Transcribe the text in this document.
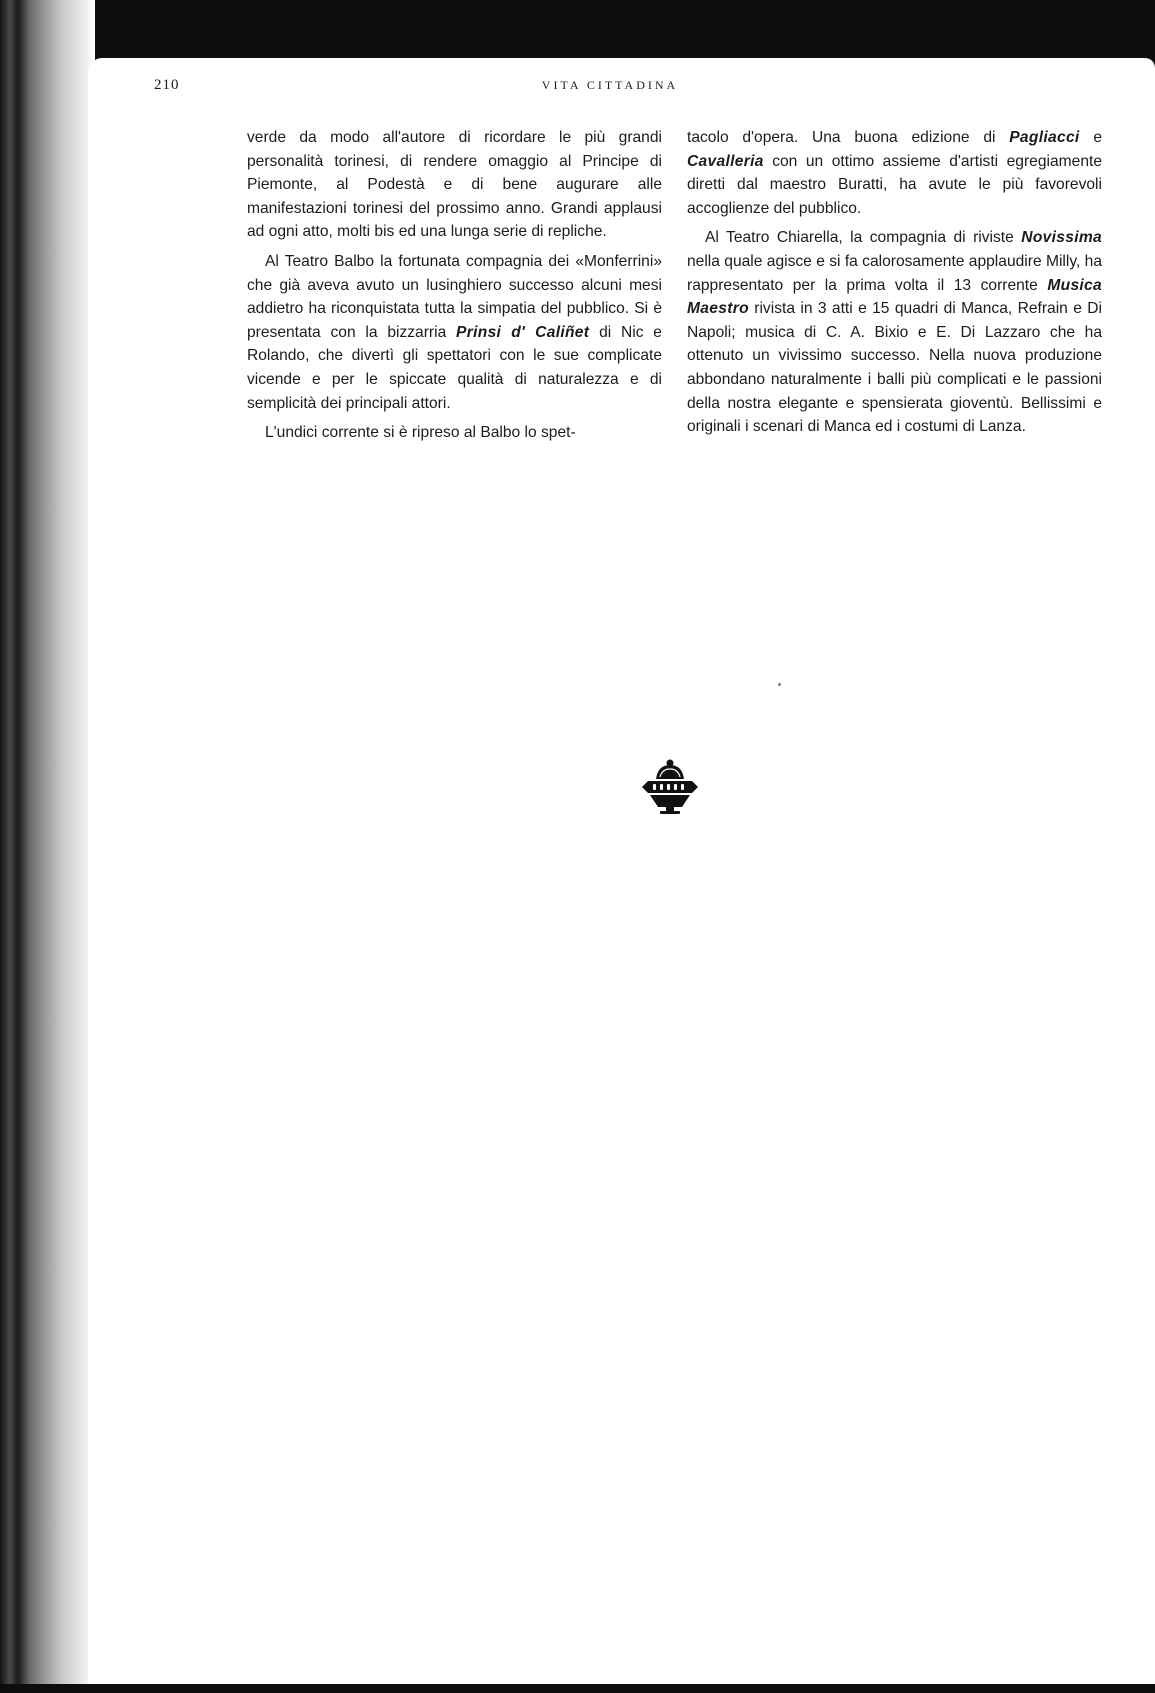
210	VITA CITTADINA

verde da modo all'autore di ricordare le più grandi personalità torinesi, di rendere omaggio al Principe di Piemonte, al Podestà e di bene augurare alle manifestazioni torinesi del prossimo anno. Grandi applausi ad ogni atto, molti bis ed una lunga serie di repliche.

Al Teatro Balbo la fortunata compagnia dei «Monferrini» che già aveva avuto un lusinghiero successo alcuni mesi addietro ha riconquistata tutta la simpatia del pubblico. Si è presentata con la bizzarria Prinsi d' Caliñet di Nic e Rolando, che divertì gli spettatori con le sue complicate vicende e per le spiccate qualità di naturalezza e di semplicità dei principali attori.

L'undici corrente si è ripreso al Balbo lo spet-

tacolo d'opera. Una buona edizione di Pagliacci e Cavalleria con un ottimo assieme d'artisti egregiamente diretti dal maestro Buratti, ha avute le più favorevoli accoglienze del pubblico.

Al Teatro Chiarella, la compagnia di riviste Novissima nella quale agisce e si fa calorosamente applaudire Milly, ha rappresentato per la prima volta il 13 corrente Musica Maestro rivista in 3 atti e 15 quadri di Manca, Refrain e Di Napoli; musica di C. A. Bixio e E. Di Lazzaro che ha ottenuto un vivissimo successo. Nella nuova produzione abbondano naturalmente i balli più complicati e le passioni della nostra elegante e spensierata gioventù. Bellissimi e originali i scenari di Manca ed i costumi di Lanza.
